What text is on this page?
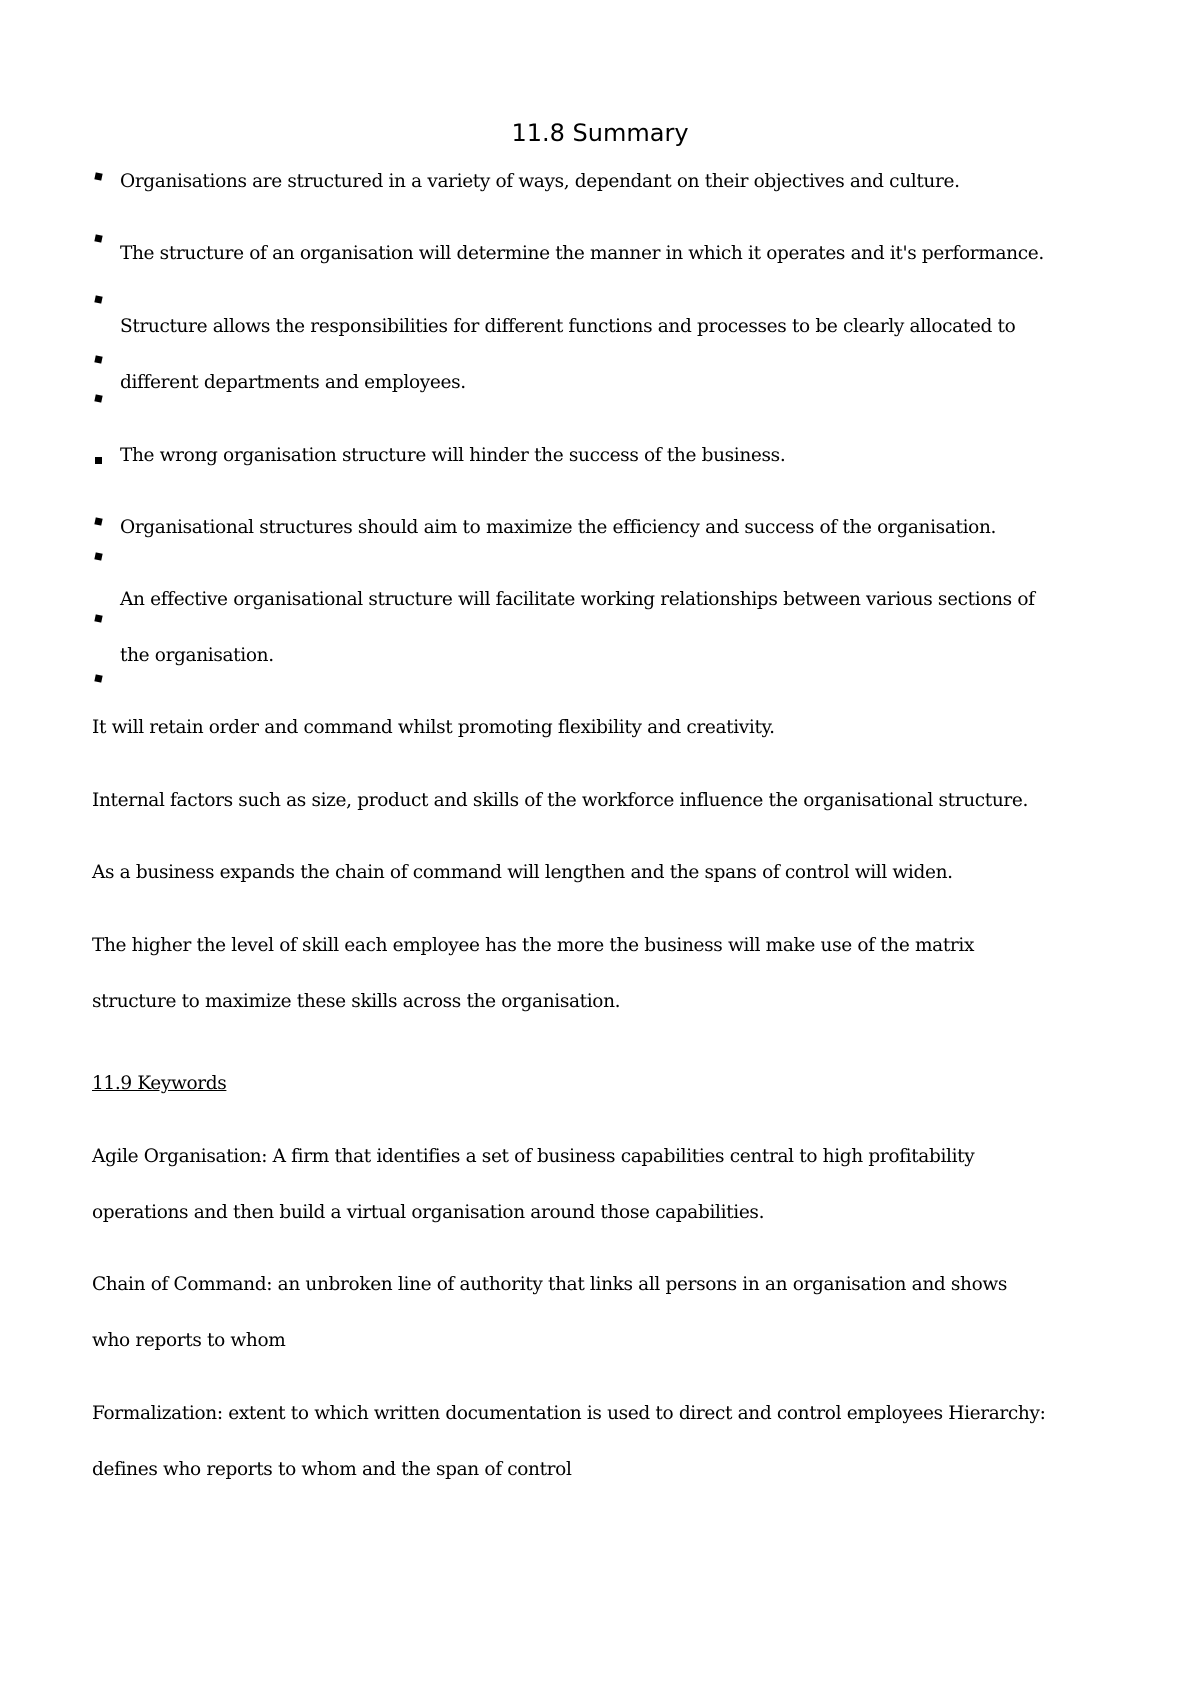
11.8 Summary

Organisations are structured in a variety of ways, dependant on their objectives and culture.

The structure of an organisation will determine the manner in which it operates and it's performance.

Structure allows the responsibilities for different functions and processes to be clearly allocated to

different departments and employees.

The wrong organisation structure will hinder the success of the business.

Organisational structures should aim to maximize the efficiency and success of the organisation.

An effective organisational structure will facilitate working relationships between various sections of

the organisation.

It will retain order and command whilst promoting flexibility and creativity.

Internal factors such as size, product and skills of the workforce influence the organisational structure.

As a business expands the chain of command will lengthen and the spans of control will widen.

The higher the level of skill each employee has the more the business will make use of the matrix

structure to maximize these skills across the organisation.

11.9 Keywords

Agile Organisation: A firm that identifies a set of business capabilities central to high profitability

operations and then build a virtual organisation around those capabilities.

Chain of Command: an unbroken line of authority that links all persons in an organisation and shows

who reports to whom

Formalization: extent to which written documentation is used to direct and control employees Hierarchy:

defines who reports to whom and the span of control
